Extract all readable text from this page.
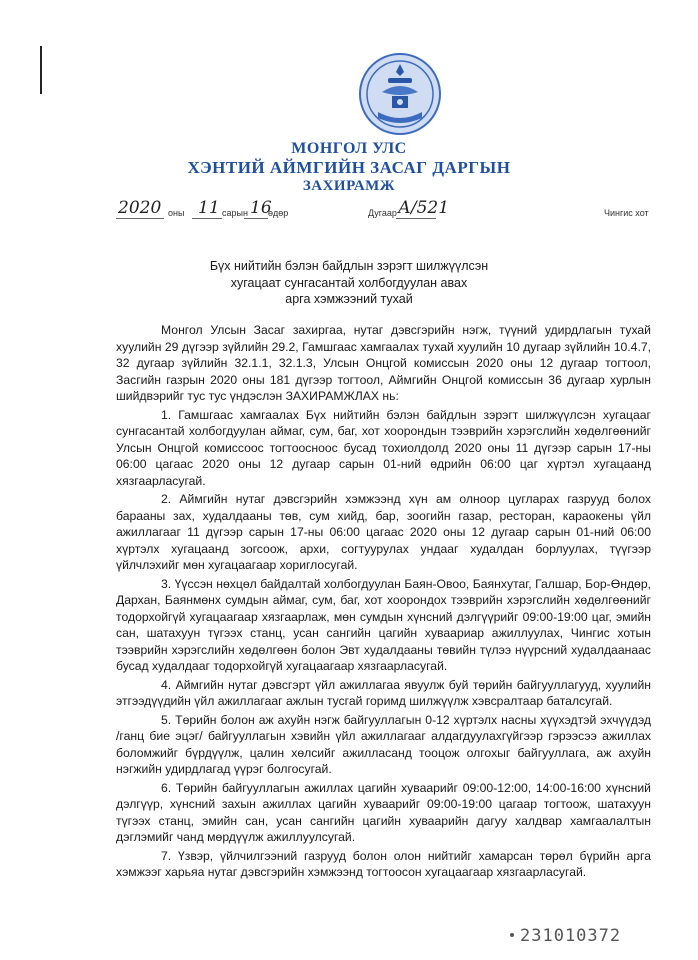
МОНГОЛ УЛС
ХЭНТИЙ АЙМГИЙН ЗАСАГ ДАРГЫН
ЗАХИРАМЖ
2020 оны 11 сарын 16
өдөр	Дугаар А/521	Чингис хот
Бүх нийтийн бэлэн байдлын зэрэгт шилжүүлсэн
хугацаат сунгасантай холбогдуулан авах
арга хэмжээний тухай

Монгол Улсын Засаг захиргаа, нутаг дэвсгэрийн нэгж, түүний удирдлагын тухай хуулийн 29 дүгээр зүйлийн 29.2, Гамшгаас хамгаалах тухай хуулийн 10 дугаар зүйлийн 10.4.7, 32 дугаар зүйлийн 32.1.1, 32.1.3, Улсын Онцгой комиссын 2020 оны 12 дугаар тогтоол, Засгийн газрын 2020 оны 181 дүгээр тогтоол, Аймгийн Онцгой комиссын 36 дугаар хурлын шийдвэрийг тус тус үндэслэн ЗАХИРАМЖЛАХ нь:

1. Гамшгаас хамгаалах Бүх нийтийн бэлэн байдлын зэрэгт шилжүүлсэн хугацааг сунгасантай холбогдуулан аймаг, сум, баг, хот хоорондын тээврийн хэрэгслийн хөдөлгөөнийг Улсын Онцгой комиссоос тогтоосноос бусад тохиолдолд 2020 оны 11 дүгээр сарын 17-ны 06:00 цагаас 2020 оны 12 дугаар сарын 01-ний өдрийн 06:00 цаг хүртэл хугацаанд хязгаарласугай.

2. Аймгийн нутаг дэвсгэрийн хэмжээнд хүн ам олноор цугларах газрууд болох барааны зах, худалдааны төв, сум хийд, бар, зоогийн газар, ресторан, караокены үйл ажиллагааг 11 дүгээр сарын 17-ны 06:00 цагаас 2020 оны 12 дугаар сарын 01-ний 06:00 хүртэлх хугацаанд зогсоож, архи, согтуурулах ундааг худалдан борлуулах, түүгээр үйлчлэхийг мөн хугацаагаар хориглосугай.

3. Үүссэн нөхцөл байдалтай холбогдуулан Баян-Овоо, Баянхутаг, Галшар, Бор-Өндөр, Дархан, Баянмөнх сумдын аймаг, сум, баг, хот хоорондох тээврийн хэрэгслийн хөдөлгөөнийг тодорхойгүй хугацаагаар хязгаарлаж, мөн сумдын хүнсний дэлгүүрийг 09:00-19:00 цаг, эмийн сан, шатахуун түгээх станц, усан сангийн цагийн хуваариар ажиллуулах, Чингис хотын тээврийн хэрэгслийн хөдөлгөөн болон Эвт худалдааны төвийн түлээ нүүрсний худалдаанаас бусад худалдааг тодорхойгүй хугацаагаар хязгаарласугай.

4. Аймгийн нутаг дэвсгэрт үйл ажиллагаа явуулж буй төрийн байгууллагууд, хуулийн этгээдүүдийн үйл ажиллагааг ажлын тусгай горимд шилжүүлж хэвсралтаар баталсугай.

5. Төрийн болон аж ахуйн нэгж байгууллагын 0-12 хүртэлх насны хүүхэдтэй эхчүүдэд /ганц бие эцэг/ байгууллагын хэвийн үйл ажиллагааг алдагдуулахгүйгээр гэрээсээ ажиллах боломжийг бүрдүүлж, цалин хөлсийг ажилласанд тооцож олгохыг байгууллага, аж ахуйн нэгжийн удирдлагад үүрэг болгосугай.

6. Төрийн байгууллагын ажиллах цагийн хуваарийг 09:00-12:00, 14:00-16:00 хүнсний дэлгүүр, хүнсний захын ажиллах цагийн хуваарийг 09:00-19:00 цагаар тогтоож, шатахуун түгээх станц, эмийн сан, усан сангийн цагийн хуваарийн дагуу халдвар хамгаалалтын дэглэмийг чанд мөрдүүлж ажиллуулсугай.

7. Үзвэр, үйлчилгээний газрууд болон олон нийтийг хамарсан төрөл бүрийн арга хэмжээг харьяа нутаг дэвсгэрийн хэмжээнд тогтоосон хугацаагаар хязгаарласугай.

231010372
